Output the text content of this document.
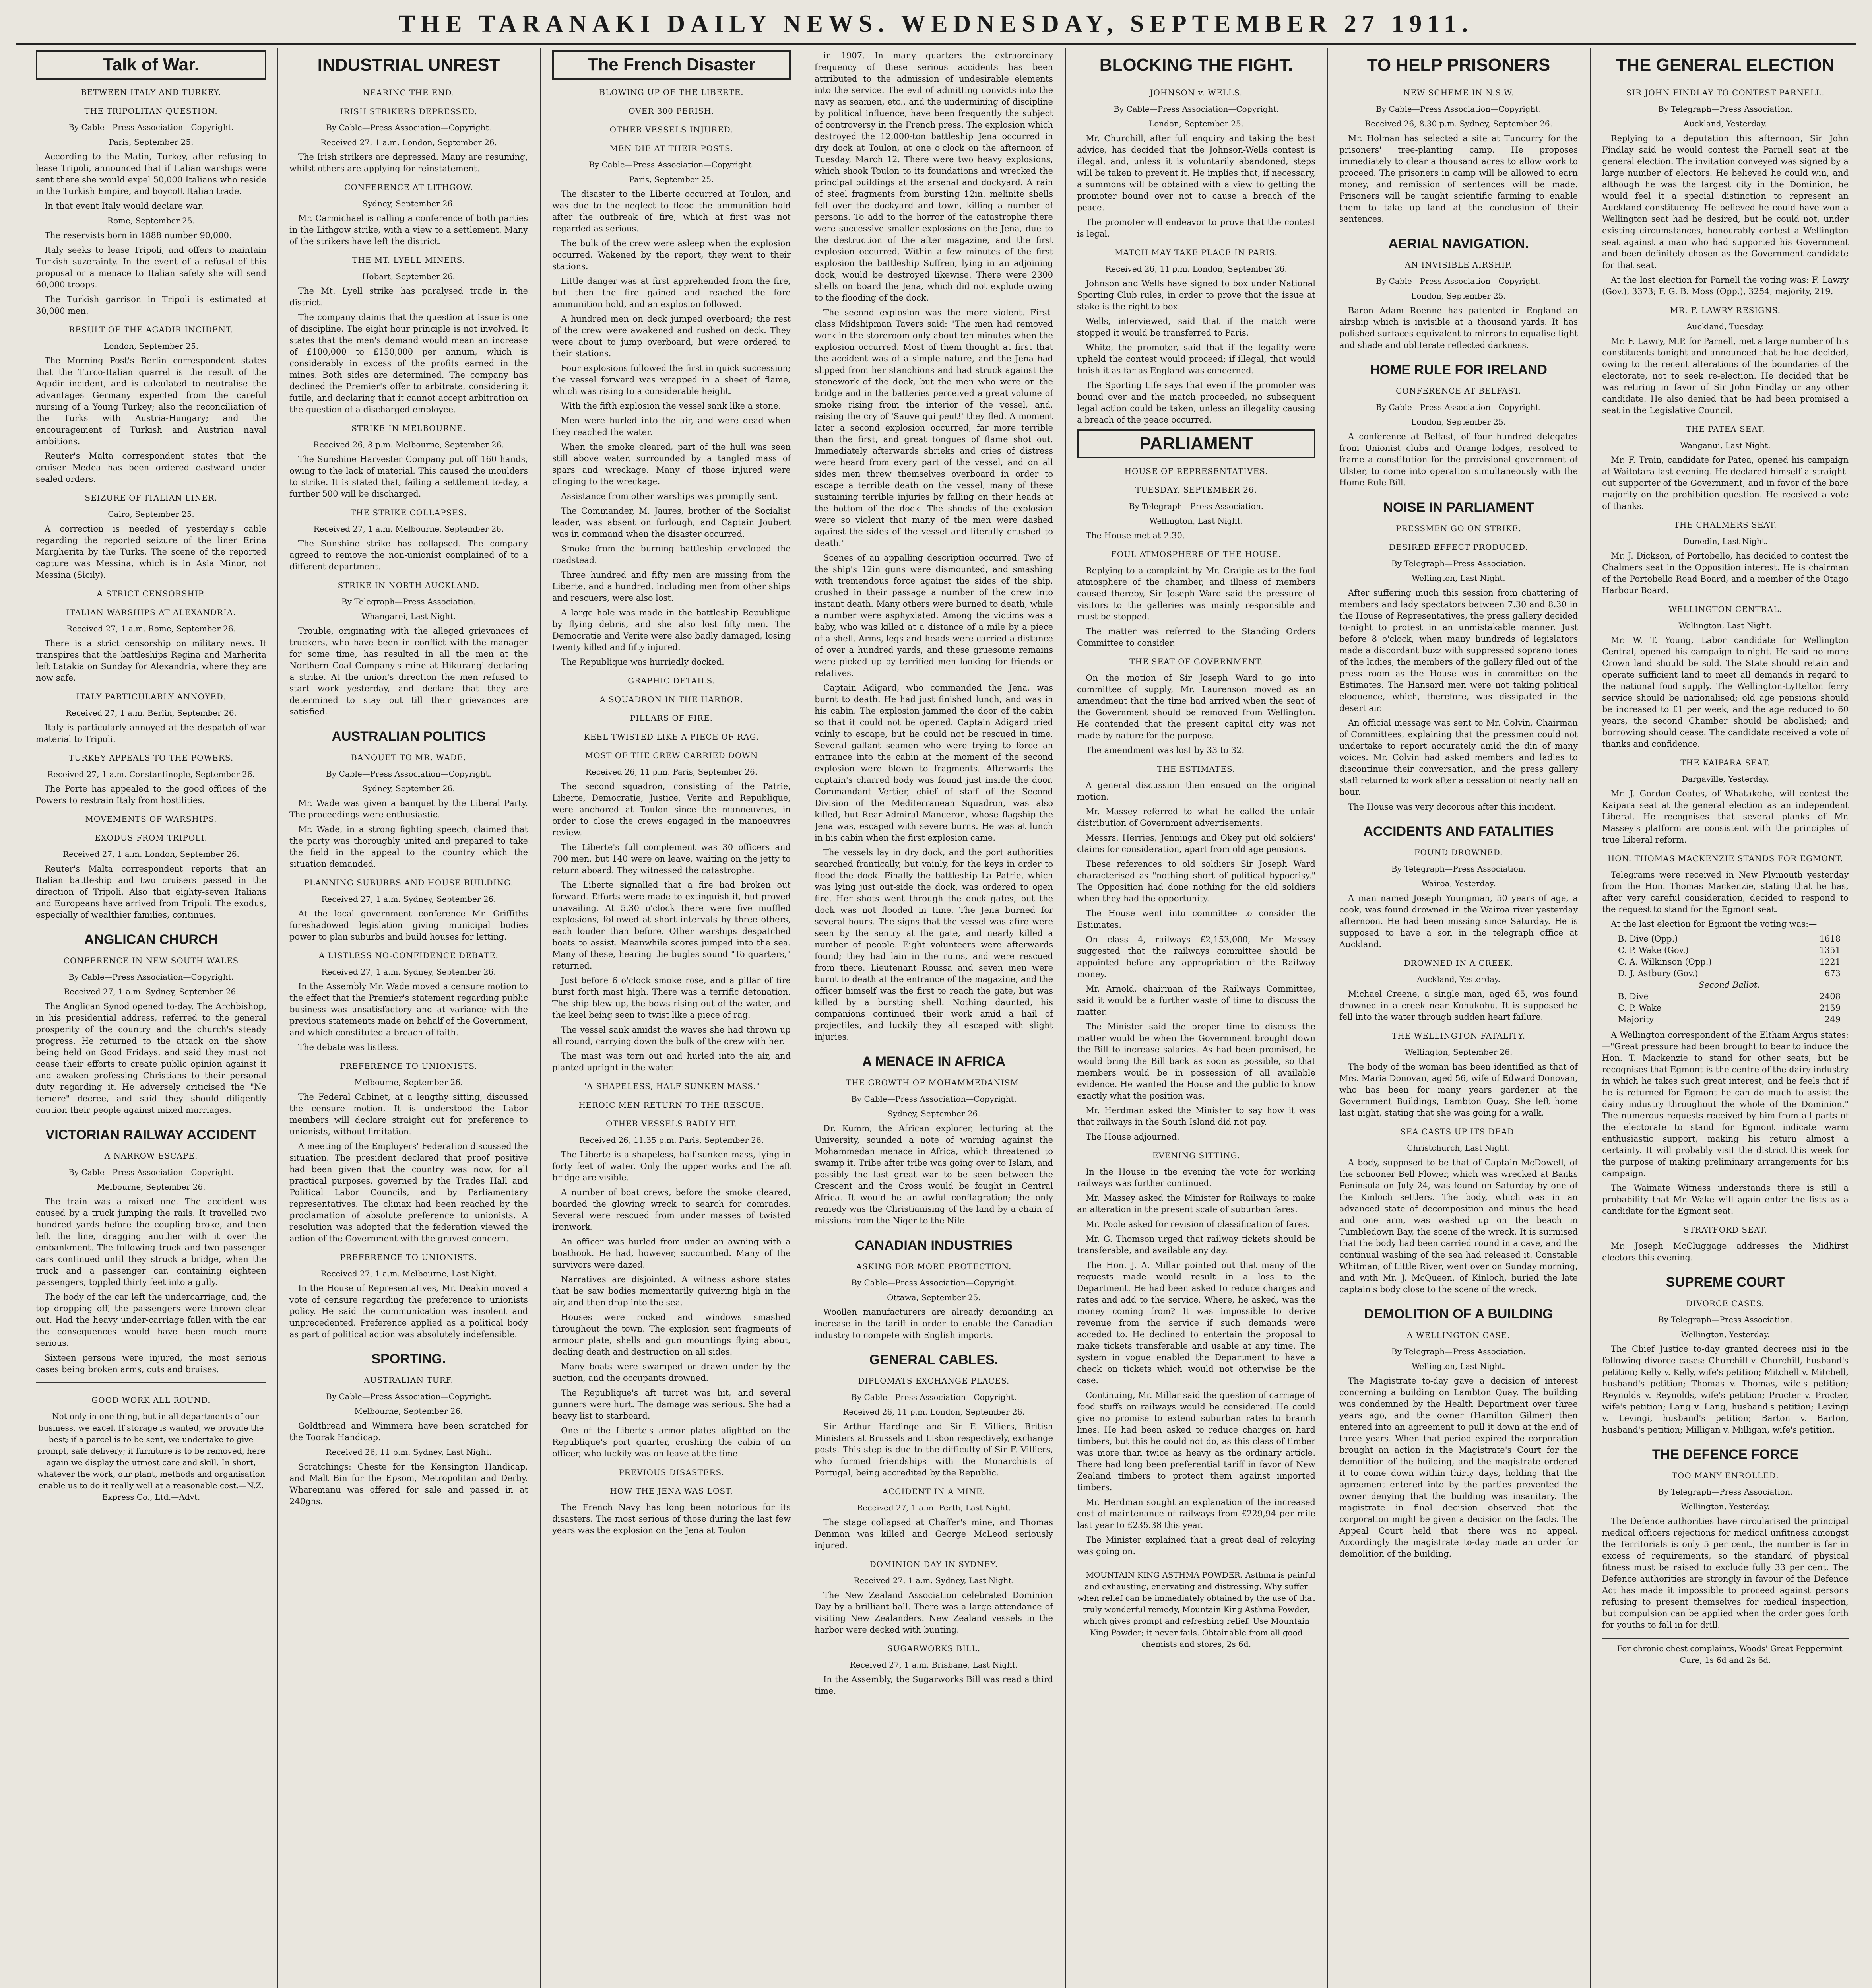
THE TARANAKI DAILY NEWS. WEDNESDAY, SEPTEMBER 27 1911.
Talk of War.

BETWEEN ITALY AND TURKEY.

THE TRIPOLITAN QUESTION.

By Cable—Press Association—Copyright.

Paris, September 25.

According to the Matin, Turkey, after refusing to lease Tripoli, announced that if Italian warships were sent there she would expel 50,000 Italians who reside in the Turkish Empire, and boycott Italian trade.

In that event Italy would declare war.

Rome, September 25.

The reservists born in 1888 number 90,000.

Italy seeks to lease Tripoli, and offers to maintain Turkish suzerainty. In the event of a refusal of this proposal or a menace to Italian safety she will send 60,000 troops.

The Turkish garrison in Tripoli is estimated at 30,000 men.

RESULT OF THE AGADIR INCIDENT.

London, September 25.

The Morning Post's Berlin correspondent states that the Turco-Italian quarrel is the result of the Agadir incident, and is calculated to neutralise the advantages Germany expected from the careful nursing of a Young Turkey; also the reconciliation of the Turks with Austria-Hungary; and the encouragement of Turkish and Austrian naval ambitions.

Reuter's Malta correspondent states that the cruiser Medea has been ordered eastward under sealed orders.

SEIZURE OF ITALIAN LINER.

Cairo, September 25.

A correction is needed of yesterday's cable regarding the reported seizure of the liner Erina Margherita by the Turks. The scene of the reported capture was Messina, which is in Asia Minor, not Messina (Sicily).

A STRICT CENSORSHIP.

ITALIAN WARSHIPS AT ALEXANDRIA.

Received 27, 1 a.m. Rome, September 26.

There is a strict censorship on military news. It transpires that the battleships Regina and Marherita left Latakia on Sunday for Alexandria, where they are now safe.

ITALY PARTICULARLY ANNOYED.

Received 27, 1 a.m. Berlin, September 26.

Italy is particularly annoyed at the despatch of war material to Tripoli.

TURKEY APPEALS TO THE POWERS.

Received 27, 1 a.m. Constantinople, September 26.

The Porte has appealed to the good offices of the Powers to restrain Italy from hostilities.

MOVEMENTS OF WARSHIPS.

EXODUS FROM TRIPOLI.

Received 27, 1 a.m. London, September 26.

Reuter's Malta correspondent reports that an Italian battleship and two cruisers passed in the direction of Tripoli. Also that eighty-seven Italians and Europeans have arrived from Tripoli. The exodus, especially of wealthier families, continues.

ANGLICAN CHURCH

CONFERENCE IN NEW SOUTH WALES

By Cable—Press Association—Copyright.

Received 27, 1 a.m. Sydney, September 26.

The Anglican Synod opened to-day. The Archbishop, in his presidential address, referred to the general prosperity of the country and the church's steady progress. He returned to the attack on the show being held on Good Fridays, and said they must not cease their efforts to create public opinion against it and awaken professing Christians to their personal duty regarding it. He adversely criticised the "Ne temere" decree, and said they should diligently caution their people against mixed marriages.

VICTORIAN RAILWAY ACCIDENT

A NARROW ESCAPE.

By Cable—Press Association—Copyright.

Melbourne, September 26.

The train was a mixed one. The accident was caused by a truck jumping the rails. It travelled two hundred yards before the coupling broke, and then left the line, dragging another with it over the embankment. The following truck and two passenger cars continued until they struck a bridge, when the truck and a passenger car, containing eighteen passengers, toppled thirty feet into a gully.

The body of the car left the undercarriage, and, the top dropping off, the passengers were thrown clear out. Had the heavy under-carriage fallen with the car the consequences would have been much more serious.

Sixteen persons were injured, the most serious cases being broken arms, cuts and bruises.

GOOD WORK ALL ROUND.

Not only in one thing, but in all departments of our business, we excel. If storage is wanted, we provide the best; if a parcel is to be sent, we undertake to give prompt, safe delivery; if furniture is to be removed, here again we display the utmost care and skill. In short, whatever the work, our plant, methods and organisation enable us to do it really well at a reasonable cost.—N.Z. Express Co., Ltd.—Advt.

INDUSTRIAL UNREST

NEARING THE END.

IRISH STRIKERS DEPRESSED.

By Cable—Press Association—Copyright.

Received 27, 1 a.m. London, September 26.

The Irish strikers are depressed. Many are resuming, whilst others are applying for reinstatement.

CONFERENCE AT LITHGOW.

Sydney, September 26.

Mr. Carmichael is calling a conference of both parties in the Lithgow strike, with a view to a settlement. Many of the strikers have left the district.

THE MT. LYELL MINERS.

Hobart, September 26.

The Mt. Lyell strike has paralysed trade in the district.

The company claims that the question at issue is one of discipline. The eight hour principle is not involved. It states that the men's demand would mean an increase of £100,000 to £150,000 per annum, which is considerably in excess of the profits earned in the mines. Both sides are determined. The company has declined the Premier's offer to arbitrate, considering it futile, and declaring that it cannot accept arbitration on the question of a discharged employee.

STRIKE IN MELBOURNE.

Received 26, 8 p.m. Melbourne, September 26.

The Sunshine Harvester Company put off 160 hands, owing to the lack of material. This caused the moulders to strike. It is stated that, failing a settlement to-day, a further 500 will be discharged.

THE STRIKE COLLAPSES.

Received 27, 1 a.m. Melbourne, September 26.

The Sunshine strike has collapsed. The company agreed to remove the non-unionist complained of to a different department.

STRIKE IN NORTH AUCKLAND.

By Telegraph—Press Association.

Whangarei, Last Night.

Trouble, originating with the alleged grievances of truckers, who have been in conflict with the manager for some time, has resulted in all the men at the Northern Coal Company's mine at Hikurangi declaring a strike. At the union's direction the men refused to start work yesterday, and declare that they are determined to stay out till their grievances are satisfied.

AUSTRALIAN POLITICS

BANQUET TO MR. WADE.

By Cable—Press Association—Copyright.

Sydney, September 26.

Mr. Wade was given a banquet by the Liberal Party. The proceedings were enthusiastic.

Mr. Wade, in a strong fighting speech, claimed that the party was thoroughly united and prepared to take the field in the appeal to the country which the situation demanded.

PLANNING SUBURBS AND HOUSE BUILDING.

Received 27, 1 a.m. Sydney, September 26.

At the local government conference Mr. Griffiths foreshadowed legislation giving municipal bodies power to plan suburbs and build houses for letting.

A LISTLESS NO-CONFIDENCE DEBATE.

Received 27, 1 a.m. Sydney, September 26.

In the Assembly Mr. Wade moved a censure motion to the effect that the Premier's statement regarding public business was unsatisfactory and at variance with the previous statements made on behalf of the Government, and which constituted a breach of faith.

The debate was listless.

PREFERENCE TO UNIONISTS.

Melbourne, September 26.

The Federal Cabinet, at a lengthy sitting, discussed the censure motion. It is understood the Labor members will declare straight out for preference to unionists, without limitation.

A meeting of the Employers' Federation discussed the situation. The president declared that proof positive had been given that the country was now, for all practical purposes, governed by the Trades Hall and Political Labor Councils, and by Parliamentary representatives. The climax had been reached by the proclamation of absolute preference to unionists. A resolution was adopted that the federation viewed the action of the Government with the gravest concern.

PREFERENCE TO UNIONISTS.

Received 27, 1 a.m. Melbourne, Last Night.

In the House of Representatives, Mr. Deakin moved a vote of censure regarding the preference to unionists policy. He said the communication was insolent and unprecedented. Preference applied as a political body as part of political action was absolutely indefensible.

SPORTING.

AUSTRALIAN TURF.

By Cable—Press Association—Copyright.

Melbourne, September 26.

Goldthread and Wimmera have been scratched for the Toorak Handicap.

Received 26, 11 p.m. Sydney, Last Night.

Scratchings: Cheste for the Kensington Handicap, and Malt Bin for the Epsom, Metropolitan and Derby. Wharemanu was offered for sale and passed in at 240gns.

The French Disaster

BLOWING UP OF THE LIBERTE.

OVER 300 PERISH.

OTHER VESSELS INJURED.

MEN DIE AT THEIR POSTS.

By Cable—Press Association—Copyright.

Paris, September 25.

The disaster to the Liberte occurred at Toulon, and was due to the neglect to flood the ammunition hold after the outbreak of fire, which at first was not regarded as serious.

The bulk of the crew were asleep when the explosion occurred. Wakened by the report, they went to their stations.

Little danger was at first apprehended from the fire, but then the fire gained and reached the fore ammunition hold, and an explosion followed.

A hundred men on deck jumped overboard; the rest of the crew were awakened and rushed on deck. They were about to jump overboard, but were ordered to their stations.

Four explosions followed the first in quick succession; the vessel forward was wrapped in a sheet of flame, which was rising to a considerable height.

With the fifth explosion the vessel sank like a stone.

Men were hurled into the air, and were dead when they reached the water.

When the smoke cleared, part of the hull was seen still above water, surrounded by a tangled mass of spars and wreckage. Many of those injured were clinging to the wreckage.

Assistance from other warships was promptly sent.

The Commander, M. Jaures, brother of the Socialist leader, was absent on furlough, and Captain Joubert was in command when the disaster occurred.

Smoke from the burning battleship enveloped the roadstead.

Three hundred and fifty men are missing from the Liberte, and a hundred, including men from other ships and rescuers, were also lost.

A large hole was made in the battleship Republique by flying debris, and she also lost fifty men. The Democratie and Verite were also badly damaged, losing twenty killed and fifty injured.

The Republique was hurriedly docked.

GRAPHIC DETAILS.

A SQUADRON IN THE HARBOR.

PILLARS OF FIRE.

KEEL TWISTED LIKE A PIECE OF RAG.

MOST OF THE CREW CARRIED DOWN

Received 26, 11 p.m. Paris, September 26.

The second squadron, consisting of the Patrie, Liberte, Democratie, Justice, Verite and Republique, were anchored at Toulon since the manoeuvres, in order to close the crews engaged in the manoeuvres review.

The Liberte's full complement was 30 officers and 700 men, but 140 were on leave, waiting on the jetty to return aboard. They witnessed the catastrophe.

The Liberte signalled that a fire had broken out forward. Efforts were made to extinguish it, but proved unavailing. At 5.30 o'clock there were five muffled explosions, followed at short intervals by three others, each louder than before. Other warships despatched boats to assist. Meanwhile scores jumped into the sea. Many of these, hearing the bugles sound "To quarters," returned.

Just before 6 o'clock smoke rose, and a pillar of fire burst forth mast high. There was a terrific detonation. The ship blew up, the bows rising out of the water, and the keel being seen to twist like a piece of rag.

The vessel sank amidst the waves she had thrown up all round, carrying down the bulk of the crew with her.

The mast was torn out and hurled into the air, and planted upright in the water.

"A SHAPELESS, HALF-SUNKEN MASS."

HEROIC MEN RETURN TO THE RESCUE.

OTHER VESSELS BADLY HIT.

Received 26, 11.35 p.m. Paris, September 26.

The Liberte is a shapeless, half-sunken mass, lying in forty feet of water. Only the upper works and the aft bridge are visible.

A number of boat crews, before the smoke cleared, boarded the glowing wreck to search for comrades. Several were rescued from under masses of twisted ironwork.

An officer was hurled from under an awning with a boathook. He had, however, succumbed. Many of the survivors were dazed.

Narratives are disjointed. A witness ashore states that he saw bodies momentarily quivering high in the air, and then drop into the sea.

Houses were rocked and windows smashed throughout the town. The explosion sent fragments of armour plate, shells and gun mountings flying about, dealing death and destruction on all sides.

Many boats were swamped or drawn under by the suction, and the occupants drowned.

The Republique's aft turret was hit, and several gunners were hurt. The damage was serious. She had a heavy list to starboard.

One of the Liberte's armor plates alighted on the Republique's port quarter, crushing the cabin of an officer, who luckily was on leave at the time.

PREVIOUS DISASTERS.

HOW THE JENA WAS LOST.

The French Navy has long been notorious for its disasters. The most serious of those during the last few years was the explosion on the Jena at Toulon

in 1907. In many quarters the extraordinary frequency of these serious accidents has been attributed to the admission of undesirable elements into the service. The evil of admitting convicts into the navy as seamen, etc., and the undermining of discipline by political influence, have been frequently the subject of controversy in the French press. The explosion which destroyed the 12,000-ton battleship Jena occurred in dry dock at Toulon, at one o'clock on the afternoon of Tuesday, March 12. There were two heavy explosions, which shook Toulon to its foundations and wrecked the principal buildings at the arsenal and dockyard. A rain of steel fragments from bursting 12in. melinite shells fell over the dockyard and town, killing a number of persons. To add to the horror of the catastrophe there were successive smaller explosions on the Jena, due to the destruction of the after magazine, and the first explosion occurred. Within a few minutes of the first explosion the battleship Suffren, lying in an adjoining dock, would be destroyed likewise. There were 2300 shells on board the Jena, which did not explode owing to the flooding of the dock.

The second explosion was the more violent. First-class Midshipman Tavers said: "The men had removed work in the storeroom only about ten minutes when the explosion occurred. Most of them thought at first that the accident was of a simple nature, and the Jena had slipped from her stanchions and had struck against the stonework of the dock, but the men who were on the bridge and in the batteries perceived a great volume of smoke rising from the interior of the vessel, and, raising the cry of 'Sauve qui peut!' they fled. A moment later a second explosion occurred, far more terrible than the first, and great tongues of flame shot out. Immediately afterwards shrieks and cries of distress were heard from every part of the vessel, and on all sides men threw themselves overboard in order to escape a terrible death on the vessel, many of these sustaining terrible injuries by falling on their heads at the bottom of the dock. The shocks of the explosion were so violent that many of the men were dashed against the sides of the vessel and literally crushed to death."

Scenes of an appalling description occurred. Two of the ship's 12in guns were dismounted, and smashing with tremendous force against the sides of the ship, crushed in their passage a number of the crew into instant death. Many others were burned to death, while a number were asphyxiated. Among the victims was a baby, who was killed at a distance of a mile by a piece of a shell. Arms, legs and heads were carried a distance of over a hundred yards, and these gruesome remains were picked up by terrified men looking for friends or relatives.

Captain Adigard, who commanded the Jena, was burnt to death. He had just finished lunch, and was in his cabin. The explosion jammed the door of the cabin so that it could not be opened. Captain Adigard tried vainly to escape, but he could not be rescued in time. Several gallant seamen who were trying to force an entrance into the cabin at the moment of the second explosion were blown to fragments. Afterwards the captain's charred body was found just inside the door. Commandant Vertier, chief of staff of the Second Division of the Mediterranean Squadron, was also killed, but Rear-Admiral Manceron, whose flagship the Jena was, escaped with severe burns. He was at lunch in his cabin when the first explosion came.

The vessels lay in dry dock, and the port authorities searched frantically, but vainly, for the keys in order to flood the dock. Finally the battleship La Patrie, which was lying just out-side the dock, was ordered to open fire. Her shots went through the dock gates, but the dock was not flooded in time. The Jena burned for several hours. The signs that the vessel was afire were seen by the sentry at the gate, and nearly killed a number of people. Eight volunteers were afterwards found; they had lain in the ruins, and were rescued from there. Lieutenant Roussa and seven men were burnt to death at the entrance of the magazine, and the officer himself was the first to reach the gate, but was killed by a bursting shell. Nothing daunted, his companions continued their work amid a hail of projectiles, and luckily they all escaped with slight injuries.

A MENACE IN AFRICA

THE GROWTH OF MOHAMMEDANISM.

By Cable—Press Association—Copyright.

Sydney, September 26.

Dr. Kumm, the African explorer, lecturing at the University, sounded a note of warning against the Mohammedan menace in Africa, which threatened to swamp it. Tribe after tribe was going over to Islam, and possibly the last great war to be seen between the Crescent and the Cross would be fought in Central Africa. It would be an awful conflagration; the only remedy was the Christianising of the land by a chain of missions from the Niger to the Nile.

CANADIAN INDUSTRIES

ASKING FOR MORE PROTECTION.

By Cable—Press Association—Copyright.

Ottawa, September 25.

Woollen manufacturers are already demanding an increase in the tariff in order to enable the Canadian industry to compete with English imports.

GENERAL CABLES.

DIPLOMATS EXCHANGE PLACES.

By Cable—Press Association—Copyright.

Received 26, 11 p.m. London, September 26.

Sir Arthur Hardinge and Sir F. Villiers, British Ministers at Brussels and Lisbon respectively, exchange posts. This step is due to the difficulty of Sir F. Villiers, who formed friendships with the Monarchists of Portugal, being accredited by the Republic.

ACCIDENT IN A MINE.

Received 27, 1 a.m. Perth, Last Night.

The stage collapsed at Chaffer's mine, and Thomas Denman was killed and George McLeod seriously injured.

DOMINION DAY IN SYDNEY.

Received 27, 1 a.m. Sydney, Last Night.

The New Zealand Association celebrated Dominion Day by a brilliant ball. There was a large attendance of visiting New Zealanders. New Zealand vessels in the harbor were decked with bunting.

SUGARWORKS BILL.

Received 27, 1 a.m. Brisbane, Last Night.

In the Assembly, the Sugarworks Bill was read a third time.

BLOCKING THE FIGHT.

JOHNSON v. WELLS.

By Cable—Press Association—Copyright.

London, September 25.

Mr. Churchill, after full enquiry and taking the best advice, has decided that the Johnson-Wells contest is illegal, and, unless it is voluntarily abandoned, steps will be taken to prevent it. He implies that, if necessary, a summons will be obtained with a view to getting the promoter bound over not to cause a breach of the peace.

The promoter will endeavor to prove that the contest is legal.

MATCH MAY TAKE PLACE IN PARIS.

Received 26, 11 p.m. London, September 26.

Johnson and Wells have signed to box under National Sporting Club rules, in order to prove that the issue at stake is the right to box.

Wells, interviewed, said that if the match were stopped it would be transferred to Paris.

White, the promoter, said that if the legality were upheld the contest would proceed; if illegal, that would finish it as far as England was concerned.

The Sporting Life says that even if the promoter was bound over and the match proceeded, no subsequent legal action could be taken, unless an illegality causing a breach of the peace occurred.

PARLIAMENT

HOUSE OF REPRESENTATIVES.

TUESDAY, SEPTEMBER 26.

By Telegraph—Press Association.

Wellington, Last Night.

The House met at 2.30.

FOUL ATMOSPHERE OF THE HOUSE.

Replying to a complaint by Mr. Craigie as to the foul atmosphere of the chamber, and illness of members caused thereby, Sir Joseph Ward said the pressure of visitors to the galleries was mainly responsible and must be stopped.

The matter was referred to the Standing Orders Committee to consider.

THE SEAT OF GOVERNMENT.

On the motion of Sir Joseph Ward to go into committee of supply, Mr. Laurenson moved as an amendment that the time had arrived when the seat of the Government should be removed from Wellington. He contended that the present capital city was not made by nature for the purpose.

The amendment was lost by 33 to 32.

THE ESTIMATES.

A general discussion then ensued on the original motion.

Mr. Massey referred to what he called the unfair distribution of Government advertisements.

Messrs. Herries, Jennings and Okey put old soldiers' claims for consideration, apart from old age pensions.

These references to old soldiers Sir Joseph Ward characterised as "nothing short of political hypocrisy." The Opposition had done nothing for the old soldiers when they had the opportunity.

The House went into committee to consider the Estimates.

On class 4, railways £2,153,000, Mr. Massey suggested that the railways committee should be appointed before any appropriation of the Railway money.

Mr. Arnold, chairman of the Railways Committee, said it would be a further waste of time to discuss the matter.

The Minister said the proper time to discuss the matter would be when the Government brought down the Bill to increase salaries. As had been promised, he would bring the Bill back as soon as possible, so that members would be in possession of all available evidence. He wanted the House and the public to know exactly what the position was.

Mr. Herdman asked the Minister to say how it was that railways in the South Island did not pay.

The House adjourned.

EVENING SITTING.

In the House in the evening the vote for working railways was further continued.

Mr. Massey asked the Minister for Railways to make an alteration in the present scale of suburban fares.

Mr. Poole asked for revision of classification of fares.

Mr. G. Thomson urged that railway tickets should be transferable, and available any day.

The Hon. J. A. Millar pointed out that many of the requests made would result in a loss to the Department. He had been asked to reduce charges and rates and add to the service. Where, he asked, was the money coming from? It was impossible to derive revenue from the service if such demands were acceded to. He declined to entertain the proposal to make tickets transferable and usable at any time. The system in vogue enabled the Department to have a check on tickets which would not otherwise be the case.

Continuing, Mr. Millar said the question of carriage of food stuffs on railways would be considered. He could give no promise to extend suburban rates to branch lines. He had been asked to reduce charges on hard timbers, but this he could not do, as this class of timber was more than twice as heavy as the ordinary article. There had long been preferential tariff in favor of New Zealand timbers to protect them against imported timbers.

Mr. Herdman sought an explanation of the increased cost of maintenance of railways from £229,94 per mile last year to £235.38 this year.

The Minister explained that a great deal of relaying was going on.

MOUNTAIN KING ASTHMA POWDER. Asthma is painful and exhausting, enervating and distressing. Why suffer when relief can be immediately obtained by the use of that truly wonderful remedy, Mountain King Asthma Powder, which gives prompt and refreshing relief. Use Mountain King Powder; it never fails. Obtainable from all good chemists and stores, 2s 6d.

TO HELP PRISONERS

NEW SCHEME IN N.S.W.

By Cable—Press Association—Copyright.

Received 26, 8.30 p.m. Sydney, September 26.

Mr. Holman has selected a site at Tuncurry for the prisoners' tree-planting camp. He proposes immediately to clear a thousand acres to allow work to proceed. The prisoners in camp will be allowed to earn money, and remission of sentences will be made. Prisoners will be taught scientific farming to enable them to take up land at the conclusion of their sentences.

AERIAL NAVIGATION.

AN INVISIBLE AIRSHIP.

By Cable—Press Association—Copyright.

London, September 25.

Baron Adam Roenne has patented in England an airship which is invisible at a thousand yards. It has polished surfaces equivalent to mirrors to equalise light and shade and obliterate reflected darkness.

HOME RULE FOR IRELAND

CONFERENCE AT BELFAST.

By Cable—Press Association—Copyright.

London, September 25.

A conference at Belfast, of four hundred delegates from Unionist clubs and Orange lodges, resolved to frame a constitution for the provisional government of Ulster, to come into operation simultaneously with the Home Rule Bill.

NOISE IN PARLIAMENT

PRESSMEN GO ON STRIKE.

DESIRED EFFECT PRODUCED.

By Telegraph—Press Association.

Wellington, Last Night.

After suffering much this session from chattering of members and lady spectators between 7.30 and 8.30 in the House of Representatives, the press gallery decided to-night to protest in an unmistakable manner. Just before 8 o'clock, when many hundreds of legislators made a discordant buzz with suppressed soprano tones of the ladies, the members of the gallery filed out of the press room as the House was in committee on the Estimates. The Hansard men were not taking political eloquence, which, therefore, was dissipated in the desert air.

An official message was sent to Mr. Colvin, Chairman of Committees, explaining that the pressmen could not undertake to report accurately amid the din of many voices. Mr. Colvin had asked members and ladies to discontinue their conversation, and the press gallery staff returned to work after a cessation of nearly half an hour.

The House was very decorous after this incident.

ACCIDENTS AND FATALITIES

FOUND DROWNED.

By Telegraph—Press Association.

Wairoa, Yesterday.

A man named Joseph Youngman, 50 years of age, a cook, was found drowned in the Wairoa river yesterday afternoon. He had been missing since Saturday. He is supposed to have a son in the telegraph office at Auckland.

DROWNED IN A CREEK.

Auckland, Yesterday.

Michael Creene, a single man, aged 65, was found drowned in a creek near Kohukohu. It is supposed he fell into the water through sudden heart failure.

THE WELLINGTON FATALITY.

Wellington, September 26.

The body of the woman has been identified as that of Mrs. Maria Donovan, aged 56, wife of Edward Donovan, who has been for many years gardener at the Government Buildings, Lambton Quay. She left home last night, stating that she was going for a walk.

SEA CASTS UP ITS DEAD.

Christchurch, Last Night.

A body, supposed to be that of Captain McDowell, of the schooner Bell Flower, which was wrecked at Banks Peninsula on July 24, was found on Saturday by one of the Kinloch settlers. The body, which was in an advanced state of decomposition and minus the head and one arm, was washed up on the beach in Tumbledown Bay, the scene of the wreck. It is surmised that the body had been carried round in a cave, and the continual washing of the sea had released it. Constable Whitman, of Little River, went over on Sunday morning, and with Mr. J. McQueen, of Kinloch, buried the late captain's body close to the scene of the wreck.

DEMOLITION OF A BUILDING

A WELLINGTON CASE.

By Telegraph—Press Association.

Wellington, Last Night.

The Magistrate to-day gave a decision of interest concerning a building on Lambton Quay. The building was condemned by the Health Department over three years ago, and the owner (Hamilton Gilmer) then entered into an agreement to pull it down at the end of three years. When that period expired the corporation brought an action in the Magistrate's Court for the demolition of the building, and the magistrate ordered it to come down within thirty days, holding that the agreement entered into by the parties prevented the owner denying that the building was insanitary. The magistrate in final decision observed that the corporation might be given a decision on the facts. The Appeal Court held that there was no appeal. Accordingly the magistrate to-day made an order for demolition of the building.

THE GENERAL ELECTION

SIR JOHN FINDLAY TO CONTEST PARNELL.

By Telegraph—Press Association.

Auckland, Yesterday.

Replying to a deputation this afternoon, Sir John Findlay said he would contest the Parnell seat at the general election. The invitation conveyed was signed by a large number of electors. He believed he could win, and although he was the largest city in the Dominion, he would feel it a special distinction to represent an Auckland constituency. He believed he could have won a Wellington seat had he desired, but he could not, under existing circumstances, honourably contest a Wellington seat against a man who had supported his Government and been definitely chosen as the Government candidate for that seat.

At the last election for Parnell the voting was: F. Lawry (Gov.), 3373; F. G. B. Moss (Opp.), 3254; majority, 219.

MR. F. LAWRY RESIGNS.

Auckland, Tuesday.

Mr. F. Lawry, M.P. for Parnell, met a large number of his constituents tonight and announced that he had decided, owing to the recent alterations of the boundaries of the electorate, not to seek re-election. He decided that he was retiring in favor of Sir John Findlay or any other candidate. He also denied that he had been promised a seat in the Legislative Council.

THE PATEA SEAT.

Wanganui, Last Night.

Mr. F. Train, candidate for Patea, opened his campaign at Waitotara last evening. He declared himself a straight-out supporter of the Government, and in favor of the bare majority on the prohibition question. He received a vote of thanks.

THE CHALMERS SEAT.

Dunedin, Last Night.

Mr. J. Dickson, of Portobello, has decided to contest the Chalmers seat in the Opposition interest. He is chairman of the Portobello Road Board, and a member of the Otago Harbour Board.

WELLINGTON CENTRAL.

Wellington, Last Night.

Mr. W. T. Young, Labor candidate for Wellington Central, opened his campaign to-night. He said no more Crown land should be sold. The State should retain and operate sufficient land to meet all demands in regard to the national food supply. The Wellington-Lyttelton ferry service should be nationalised; old age pensions should be increased to £1 per week, and the age reduced to 60 years, the second Chamber should be abolished; and borrowing should cease. The candidate received a vote of thanks and confidence.

THE KAIPARA SEAT.

Dargaville, Yesterday.

Mr. J. Gordon Coates, of Whatakohe, will contest the Kaipara seat at the general election as an independent Liberal. He recognises that several planks of Mr. Massey's platform are consistent with the principles of true Liberal reform.

HON. THOMAS MACKENZIE STANDS FOR EGMONT.

Telegrams were received in New Plymouth yesterday from the Hon. Thomas Mackenzie, stating that he has, after very careful consideration, decided to respond to the request to stand for the Egmont seat.

At the last election for Egmont the voting was:—

B. Dive (Opp.)	1618
C. P. Wake (Gov.)	1351
C. A. Wilkinson (Opp.)	1221
D. J. Astbury (Gov.)	673
Second Ballot.
B. Dive	2408
C. P. Wake	2159
Majority	249

A Wellington correspondent of the Eltham Argus states:—"Great pressure had been brought to bear to induce the Hon. T. Mackenzie to stand for other seats, but he recognises that Egmont is the centre of the dairy industry in which he takes such great interest, and he feels that if he is returned for Egmont he can do much to assist the dairy industry throughout the whole of the Dominion." The numerous requests received by him from all parts of the electorate to stand for Egmont indicate warm enthusiastic support, making his return almost a certainty. It will probably visit the district this week for the purpose of making preliminary arrangements for his campaign.

The Waimate Witness understands there is still a probability that Mr. Wake will again enter the lists as a candidate for the Egmont seat.

STRATFORD SEAT.

Mr. Joseph McCluggage addresses the Midhirst electors this evening.

SUPREME COURT

DIVORCE CASES.

By Telegraph—Press Association.

Wellington, Yesterday.

The Chief Justice to-day granted decrees nisi in the following divorce cases: Churchill v. Churchill, husband's petition; Kelly v. Kelly, wife's petition; Mitchell v. Mitchell, husband's petition; Thomas v. Thomas, wife's petition; Reynolds v. Reynolds, wife's petition; Procter v. Procter, wife's petition; Lang v. Lang, husband's petition; Levingi v. Levingi, husband's petition; Barton v. Barton, husband's petition; Milligan v. Milligan, wife's petition.

THE DEFENCE FORCE

TOO MANY ENROLLED.

By Telegraph—Press Association.

Wellington, Yesterday.

The Defence authorities have circularised the principal medical officers rejections for medical unfitness amongst the Territorials is only 5 per cent., the number is far in excess of requirements, so the standard of physical fitness must be raised to exclude fully 33 per cent. The Defence authorities are strongly in favour of the Defence Act has made it impossible to proceed against persons refusing to present themselves for medical inspection, but compulsion can be applied when the order goes forth for youths to fall in for drill.

For chronic chest complaints, Woods' Great Peppermint Cure, 1s 6d and 2s 6d.
